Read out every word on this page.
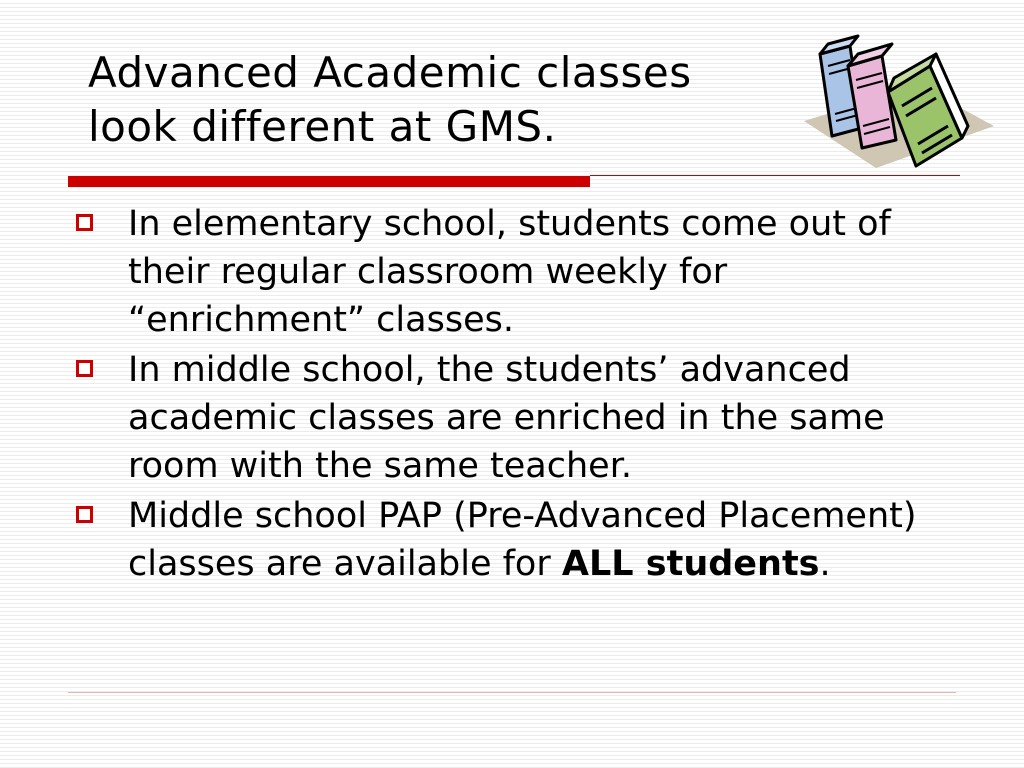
Advanced Academic classes
look different at GMS.
In elementary school, students come out of their regular classroom weekly for “enrichment” classes.
In middle school, the students’ advanced academic classes are enriched in the same room with the same teacher.
Middle school PAP (Pre-Advanced Placement) classes are available for ALL students.
